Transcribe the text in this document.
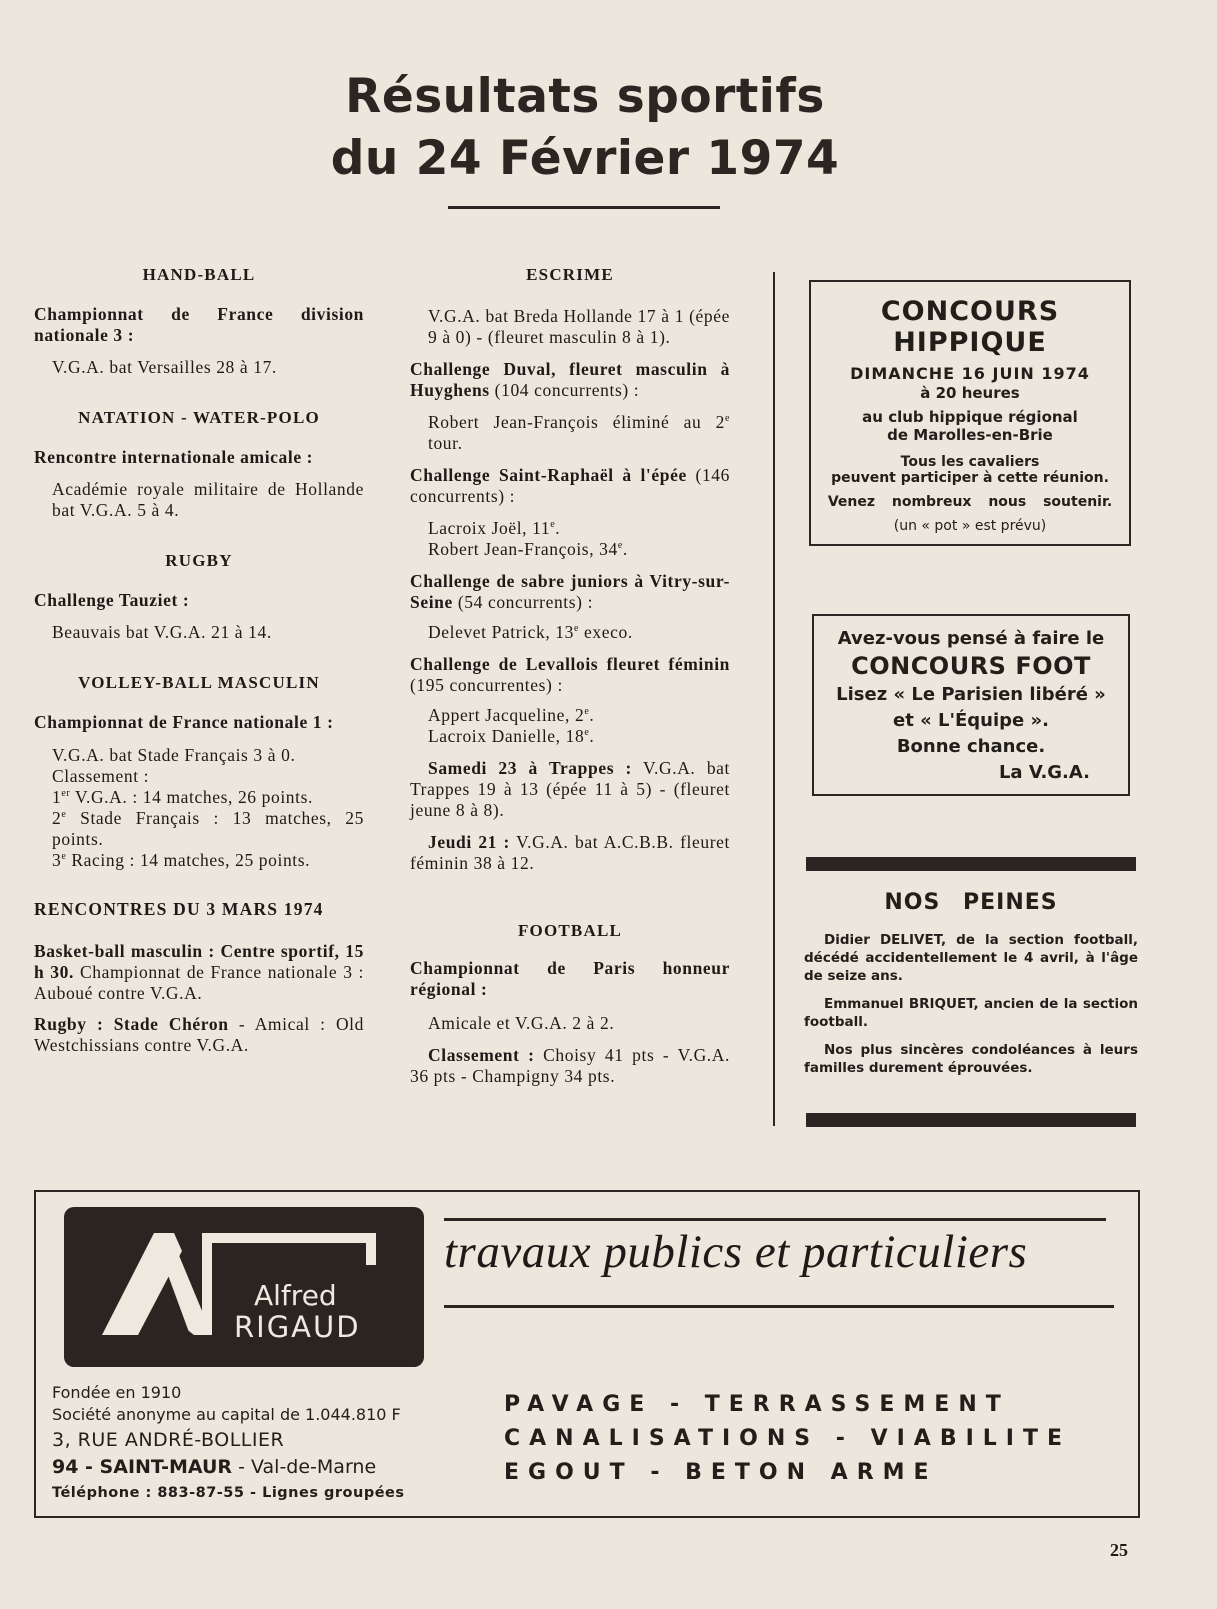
Résultats sportifs
du 24 Février 1974

HAND-BALL

Championnat de France division nationale 3 :

V.G.A. bat Versailles 28 à 17.

NATATION - WATER-POLO

Rencontre internationale amicale :

Académie royale militaire de Hollande bat V.G.A. 5 à 4.

RUGBY

Challenge Tauziet :

Beauvais bat V.G.A. 21 à 14.

VOLLEY-BALL MASCULIN

Championnat de France nationale 1 :

V.G.A. bat Stade Français 3 à 0.

Classement :

1er V.G.A. : 14 matches, 26 points.

2e Stade Français : 13 matches, 25 points.

3e Racing : 14 matches, 25 points.

RENCONTRES DU 3 MARS 1974

Basket-ball masculin : Centre sportif, 15 h 30. Championnat de France nationale 3 : Auboué contre V.G.A.

Rugby : Stade Chéron - Amical : Old Westchissians contre V.G.A.

ESCRIME

V.G.A. bat Breda Hollande 17 à 1 (épée 9 à 0) - (fleuret masculin 8 à 1).

Challenge Duval, fleuret masculin à Huyghens (104 concurrents) :

Robert Jean-François éliminé au 2e tour.

Challenge Saint-Raphaël à l'épée (146 concurrents) :

Lacroix Joël, 11e.

Robert Jean-François, 34e.

Challenge de sabre juniors à Vitry-sur-Seine (54 concurrents) :

Delevet Patrick, 13e execo.

Challenge de Levallois fleuret féminin (195 concurrentes) :

Appert Jacqueline, 2e.

Lacroix Danielle, 18e.

Samedi 23 à Trappes : V.G.A. bat Trappes 19 à 13 (épée 11 à 5) - (fleuret jeune 8 à 8).

Jeudi 21 : V.G.A. bat A.C.B.B. fleuret féminin 38 à 12.

FOOTBALL

Championnat de Paris honneur régional :

Amicale et V.G.A. 2 à 2.

Classement : Choisy 41 pts - V.G.A. 36 pts - Champigny 34 pts.

CONCOURS HIPPIQUE
DIMANCHE 16 JUIN 1974
à 20 heures
au club hippique régional
de Marolles-en-Brie
Tous les cavaliers
peuvent participer à cette réunion.
Venez nombreux nous soutenir.
(un « pot » est prévu)
Avez-vous pensé à faire le
CONCOURS FOOT
Lisez « Le Parisien libéré »
et « L'Équipe ».
Bonne chance.
La V.G.A.
NOS PEINES

Didier DELIVET, de la section football, décédé accidentellement le 4 avril, à l'âge de seize ans.

Emmanuel BRIQUET, ancien de la section football.

Nos plus sincères condoléances à leurs familles durement éprouvées.

Alfred
RIGAUD
travaux publics et particuliers
Fondée en 1910
Société anonyme au capital de 1.044.810 F
3, RUE ANDRÉ-BOLLIER
94 - SAINT-MAUR - Val-de-Marne
Téléphone : 883-87-55 - Lignes groupées
PAVAGE - TERRASSEMENT
CANALISATIONS - VIABILITE
EGOUT - BETON ARME
25
